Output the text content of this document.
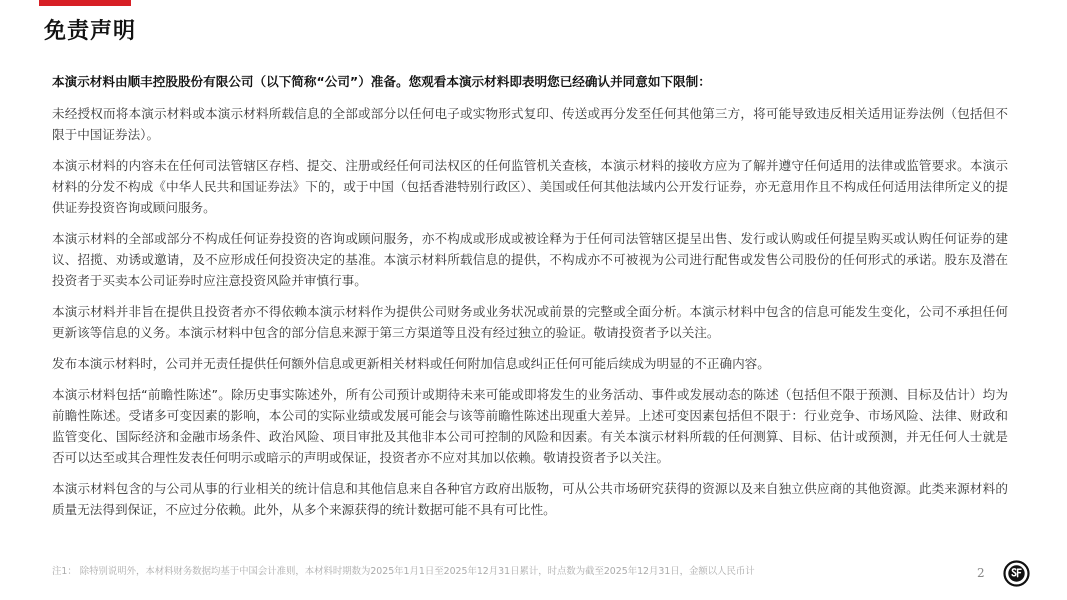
免责声明

本演示材料由顺丰控股股份有限公司（以下简称“公司”）准备。您观看本演示材料即表明您已经确认并同意如下限制：

未经授权而将本演示材料或本演示材料所载信息的全部或部分以任何电子或实物形式复印、传送或再分发至任何其他第三方，将可能导致违反相关适用证券法例（包括但不限于中国证券法）。

本演示材料的内容未在任何司法管辖区存档、提交、注册或经任何司法权区的任何监管机关查核，本演示材料的接收方应为了解并遵守任何适用的法律或监管要求。本演示材料的分发不构成《中华人民共和国证券法》下的，或于中国（包括香港特别行政区）、美国或任何其他法域内公开发行证券，亦无意用作且不构成任何适用法律所定义的提供证券投资咨询或顾问服务。

本演示材料的全部或部分不构成任何证券投资的咨询或顾问服务，亦不构成或形成或被诠释为于任何司法管辖区提呈出售、发行或认购或任何提呈购买或认购任何证券的建议、招揽、劝诱或邀请，及不应形成任何投资决定的基准。本演示材料所载信息的提供，不构成亦不可被视为公司进行配售或发售公司股份的任何形式的承诺。股东及潜在投资者于买卖本公司证券时应注意投资风险并审慎行事。

本演示材料并非旨在提供且投资者亦不得依赖本演示材料作为提供公司财务或业务状况或前景的完整或全面分析。本演示材料中包含的信息可能发生变化，公司不承担任何更新该等信息的义务。本演示材料中包含的部分信息来源于第三方渠道等且没有经过独立的验证。敬请投资者予以关注。

发布本演示材料时，公司并无责任提供任何额外信息或更新相关材料或任何附加信息或纠正任何可能后续成为明显的不正确内容。

本演示材料包括“前瞻性陈述”。除历史事实陈述外，所有公司预计或期待未来可能或即将发生的业务活动、事件或发展动态的陈述（包括但不限于预测、目标及估计）均为前瞻性陈述。受诸多可变因素的影响，本公司的实际业绩或发展可能会与该等前瞻性陈述出现重大差异。上述可变因素包括但不限于：行业竞争、市场风险、法律、财政和监管变化、国际经济和金融市场条件、政治风险、项目审批及其他非本公司可控制的风险和因素。有关本演示材料所载的任何测算、目标、估计或预测，并无任何人士就是否可以达至或其合理性发表任何明示或暗示的声明或保证，投资者亦不应对其加以依赖。敬请投资者予以关注。

本演示材料包含的与公司从事的行业相关的统计信息和其他信息来自各种官方政府出版物，可从公共市场研究获得的资源以及来自独立供应商的其他资源。此类来源材料的质量无法得到保证，不应过分依赖。此外，从多个来源获得的统计数据可能不具有可比性。

注1： 除特别说明外，本材料财务数据均基于中国会计准则，本材料时期数为2025年1月1日至2025年12月31日累计，时点数为截至2025年12月31日，金额以人民币计	2
